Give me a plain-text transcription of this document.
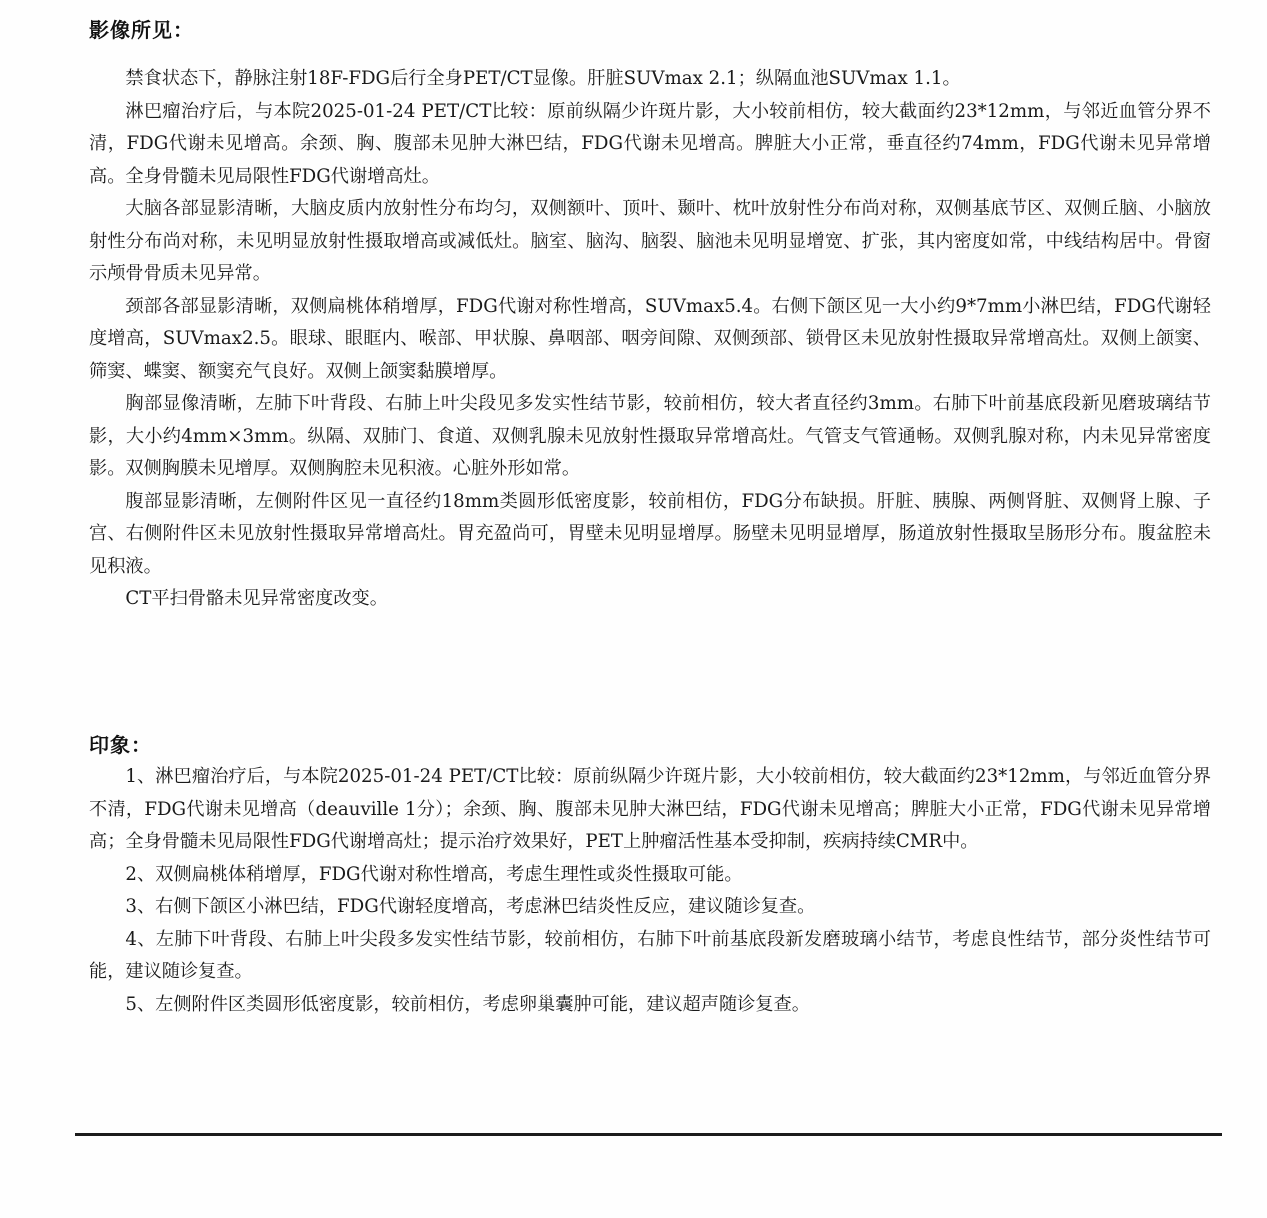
影像所见：

禁食状态下，静脉注射18F-FDG后行全身PET/CT显像。肝脏SUVmax 2.1；纵隔血池SUVmax 1.1。

淋巴瘤治疗后，与本院2025-01-24 PET/CT比较：原前纵隔少许斑片影，大小较前相仿，较大截面约23*12mm，与邻近血管分界不清，FDG代谢未见增高。余颈、胸、腹部未见肿大淋巴结，FDG代谢未见增高。脾脏大小正常，垂直径约74mm，FDG代谢未见异常增高。全身骨髓未见局限性FDG代谢增高灶。

大脑各部显影清晰，大脑皮质内放射性分布均匀，双侧额叶、顶叶、颞叶、枕叶放射性分布尚对称，双侧基底节区、双侧丘脑、小脑放射性分布尚对称，未见明显放射性摄取增高或减低灶。脑室、脑沟、脑裂、脑池未见明显增宽、扩张，其内密度如常，中线结构居中。骨窗示颅骨骨质未见异常。

颈部各部显影清晰，双侧扁桃体稍增厚，FDG代谢对称性增高，SUVmax5.4。右侧下颌区见一大小约9*7mm小淋巴结，FDG代谢轻度增高，SUVmax2.5。眼球、眼眶内、喉部、甲状腺、鼻咽部、咽旁间隙、双侧颈部、锁骨区未见放射性摄取异常增高灶。双侧上颌窦、筛窦、蝶窦、额窦充气良好。双侧上颌窦黏膜增厚。

胸部显像清晰，左肺下叶背段、右肺上叶尖段见多发实性结节影，较前相仿，较大者直径约3mm。右肺下叶前基底段新见磨玻璃结节影，大小约4mm×3mm。纵隔、双肺门、食道、双侧乳腺未见放射性摄取异常增高灶。气管支气管通畅。双侧乳腺对称，内未见异常密度影。双侧胸膜未见增厚。双侧胸腔未见积液。心脏外形如常。

腹部显影清晰，左侧附件区见一直径约18mm类圆形低密度影，较前相仿，FDG分布缺损。肝脏、胰腺、两侧肾脏、双侧肾上腺、子宫、右侧附件区未见放射性摄取异常增高灶。胃充盈尚可，胃壁未见明显增厚。肠壁未见明显增厚，肠道放射性摄取呈肠形分布。腹盆腔未见积液。

CT平扫骨骼未见异常密度改变。

印象：

1、淋巴瘤治疗后，与本院2025-01-24 PET/CT比较：原前纵隔少许斑片影，大小较前相仿，较大截面约23*12mm，与邻近血管分界不清，FDG代谢未见增高（deauville 1分）；余颈、胸、腹部未见肿大淋巴结，FDG代谢未见增高；脾脏大小正常，FDG代谢未见异常增高；全身骨髓未见局限性FDG代谢增高灶；提示治疗效果好，PET上肿瘤活性基本受抑制，疾病持续CMR中。

2、双侧扁桃体稍增厚，FDG代谢对称性增高，考虑生理性或炎性摄取可能。

3、右侧下颌区小淋巴结，FDG代谢轻度增高，考虑淋巴结炎性反应，建议随诊复查。

4、左肺下叶背段、右肺上叶尖段多发实性结节影，较前相仿，右肺下叶前基底段新发磨玻璃小结节，考虑良性结节，部分炎性结节可能，建议随诊复查。

5、左侧附件区类圆形低密度影，较前相仿，考虑卵巢囊肿可能，建议超声随诊复查。
